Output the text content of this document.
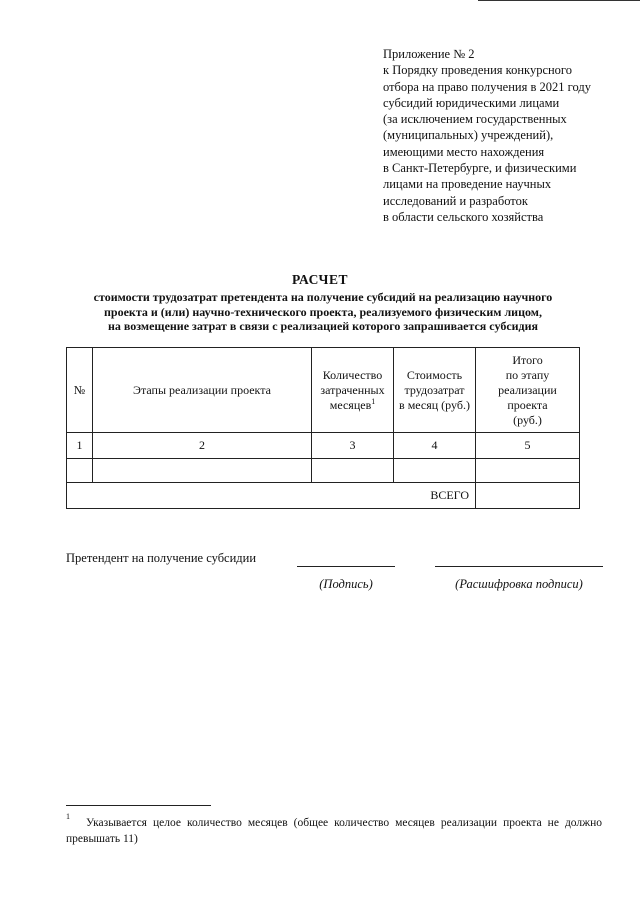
Приложение № 2
к Порядку проведения конкурсного
отбора на право получения в 2021 году
субсидий юридическими лицами
(за исключением государственных
(муниципальных) учреждений),
имеющими место нахождения
в Санкт-Петербурге, и физическими
лицами на проведение научных
исследований и разработок
в области сельского хозяйства
РАСЧЕТ
стоимости трудозатрат претендента на получение субсидий на реализацию научного
проекта и (или) научно-технического проекта, реализуемого физическим лицом,
на возмещение затрат в связи с реализацией которого запрашивается субсидия
№	Этапы реализации проекта	Количество
затраченных
месяцев$^1$	Стоимость
трудозатрат
в месяц (руб.)	Итого
по этапу
реализации
проекта
(руб.)
1	2	3	4	5

ВСЕГО				
Претендент на получение субсидии
(Подпись)	(Расшифровка подписи)
1
Указывается целое количество месяцев (общее количество месяцев реализации проекта не должно превышать 11)
